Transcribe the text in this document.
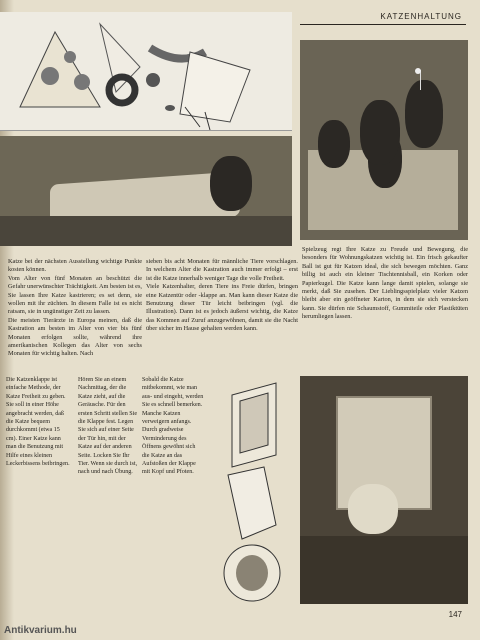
KATZENHALTUNG
Katze bei der nächsten Ausstellung wichtige Punkte kosten können.
Vom Alter von fünf Monaten an beschützt die Gefahr unerwünschter Trächtigkeit. Am besten ist es, Sie lassen Ihre Katze kastrieren; es sei denn, sie wollen mit ihr züchten. In diesem Falle ist es nicht ratsam, sie in ungünstiger Zeit zu lassen.
Die meisten Tierärzte in Europa meinen, daß die Kastration am besten im Alter von vier bis fünf Monaten erfolgen sollte, während ihre amerikanischen Kollegen das Alter von sechs Monaten für wichtig halten. Nach
sieben bis acht Monaten für männliche Tiere vorschlagen. In welchem Alter die Kastration auch immer erfolgt – erst ist die Katze innerhalb weniger Tage die volle Freiheit.
Viele Katzenhalter, deren Tiere ins Freie dürfen, bringen eine Katzentür oder -klappe an. Man kann dieser Katze die Benutzung dieser Tür leicht beibringen (vgl. die Illustration). Dann ist es jedoch äußerst wichtig, die Katze das Kommen auf Zuruf anzugewöhnen, damit sie die Nacht über sicher im Hause gehalten werden kann.
Spielzeug regt Ihre Katze zu Freude und Bewegung, die besonders für Wohnungskatzen wichtig ist. Ein frisch gekaufter Ball ist gut für Katzen ideal, die sich bewegen möchten. Ganz billig ist auch ein kleiner Tischtennisball, ein Korken oder Papierkugel. Die Katze kann lange damit spielen, solange sie merkt, daß Sie zusehen. Der Lieblingsspielplatz vieler Katzen bleibt aber ein geöffneter Karton, in dem sie sich verstecken kann. Sie dürfen nie Schaumstoff, Gummiteile oder Plastiktüten herumliegen lassen.
Die Katzenklappe ist einfache Methode, der Katze Freiheit zu geben. Sie soll in einer Höhe angebracht werden, daß die Katze bequem durchkommt (etwa 15 cm). Einer Katze kann man die Benutzung mit Hilfe eines kleinen Leckerbissens beibringen.
Hören Sie an einem Nachmittag, der die Katze zieht, auf die Geräusche. Für den ersten Schritt stellen Sie die Klappe fest. Legen Sie sich auf einer Seite der Tür hin, mit der Katze auf der anderen Seite. Locken Sie Ihr Tier. Wenn sie durch ist, nach und nach Übung.
Sobald die Katze mitbekommt, wie man aus- und eingeht, werden Sie es schnell bemerken. Manche Katzen verweigern anfangs. Durch gradweise Verminderung des Öffnens gewöhnt sich die Katze an das Aufstoßen der Klappe mit Kopf und Pfoten.
147
Antikvarium.hu
